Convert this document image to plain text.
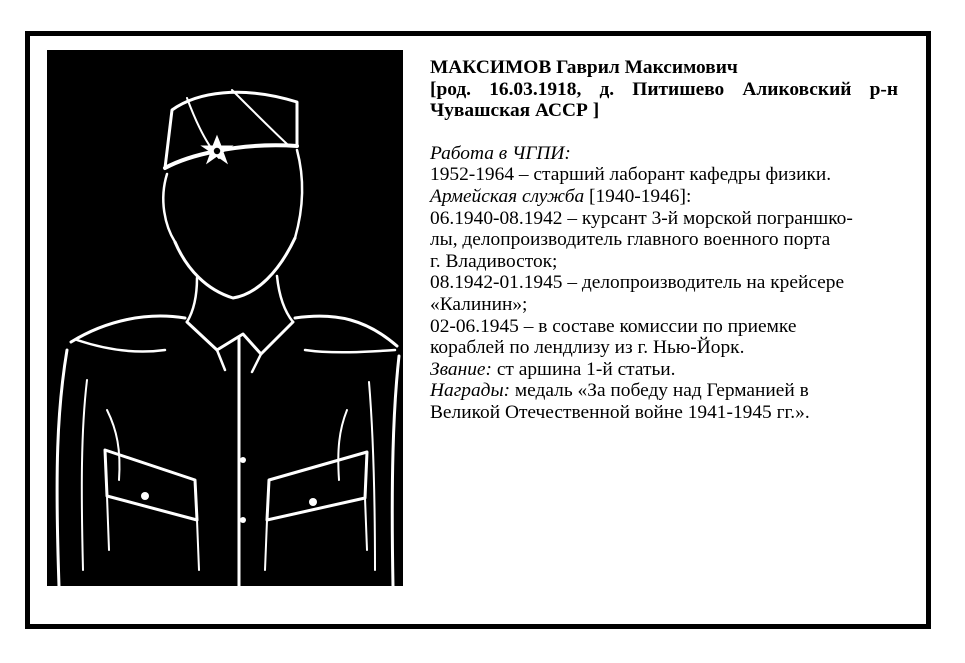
МАКСИМОВ Гаврил Максимович
[род. 16.03.1918, д. Питишево Аликовский р-н Чувашская АССР ]
Работа в ЧГПИ:
1952-1964 – старший лаборант кафедры физики.
Армейская служба [1940-1946]:
06.1940-08.1942 – курсант 3-й морской пограншко-
лы, делопроизводитель главного военного порта
г. Владивосток;
08.1942-01.1945 – делопроизводитель на крейсере
«Калинин»;
02-06.1945 – в составе комиссии по приемке
кораблей по лендлизу из г. Нью-Йорк.
Звание: ст аршина 1-й статьи.
Награды: медаль «За победу над Германией в
Великой Отечественной войне 1941-1945 гг.».
